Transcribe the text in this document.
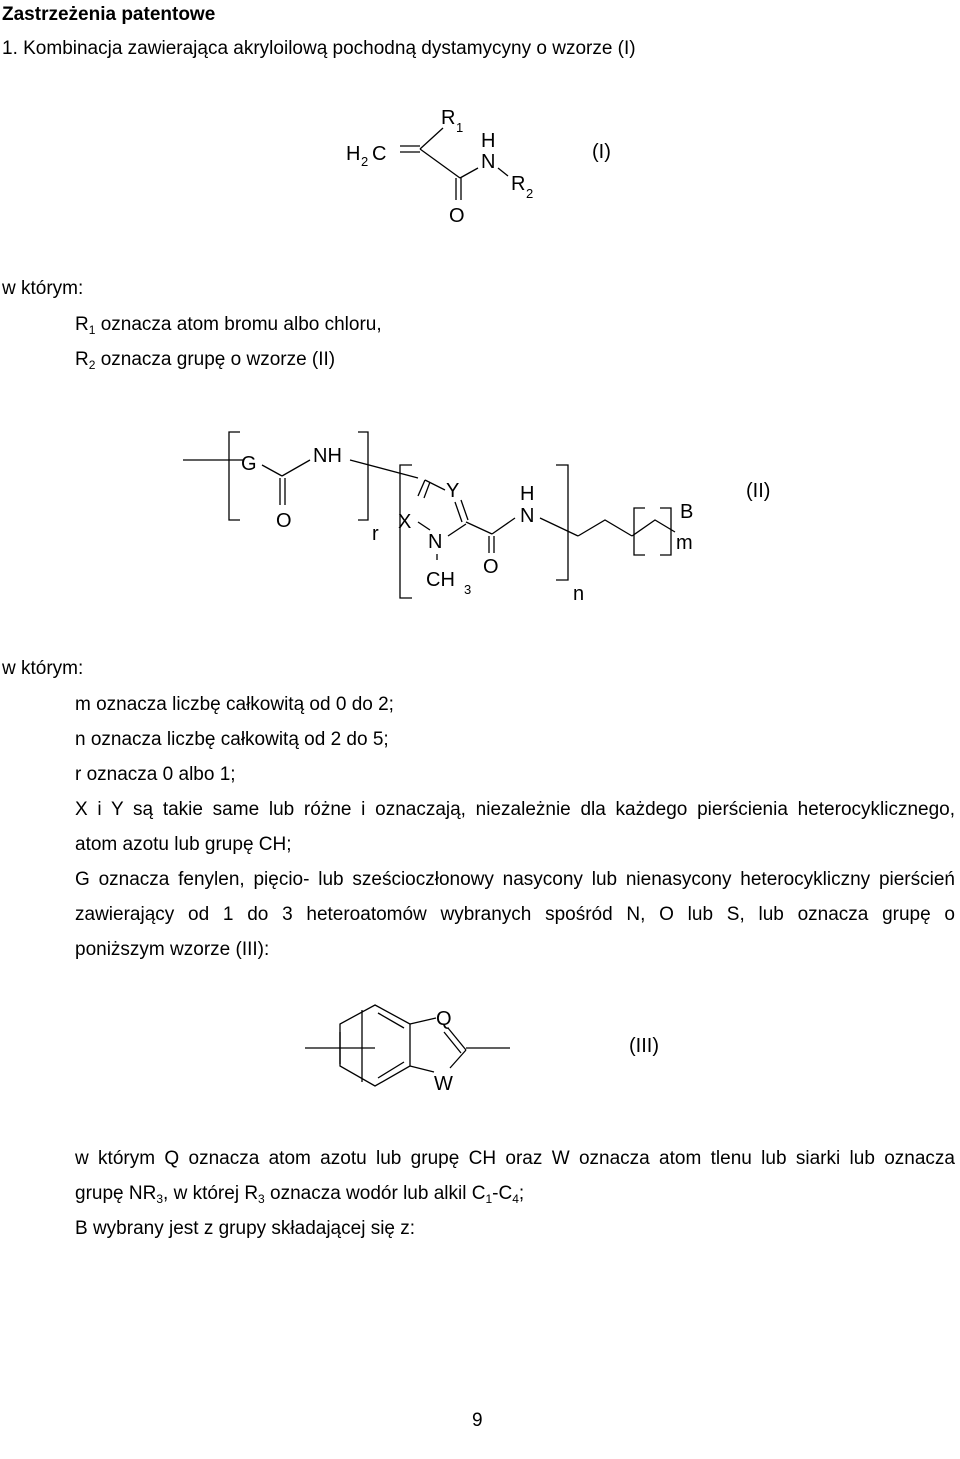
Zastrzeżenia patentowe
1. Kombinacja zawierająca akryloilową pochodną dystamycyny o wzorze (I)
H 2 C
R 1
H
N
R 2
O
(I)
w którym:
$R_1$ oznacza atom bromu albo chloru,
$R_2$ oznacza grupę o wzorze (II)
G	NH
O
r
Y
X
N
CH 3
O
H
N
n
B
m
(II)
w którym:
m oznacza liczbę całkowitą od 0 do 2;
n oznacza liczbę całkowitą od 2 do 5;
r oznacza 0 albo 1;
X i Y są takie same lub różne i oznaczają, niezależnie dla każdego pierścienia heterocyklicznego,
atom azotu lub grupę CH;
G oznacza fenylen, pięcio- lub sześcioczłonowy nasycony lub nienasycony heterocykliczny pierścień
zawierający od 1 do 3 heteroatomów wybranych spośród N, O lub S, lub oznacza grupę o
poniższym wzorze (III):
Q
W
(III)
w którym Q oznacza atom azotu lub grupę CH oraz W oznacza atom tlenu lub siarki lub oznacza
grupę $NR_3$, w której $R_3$ oznacza wodór lub alkil $C_1-C_4$;
B wybrany jest z grupy składającej się z:
9
